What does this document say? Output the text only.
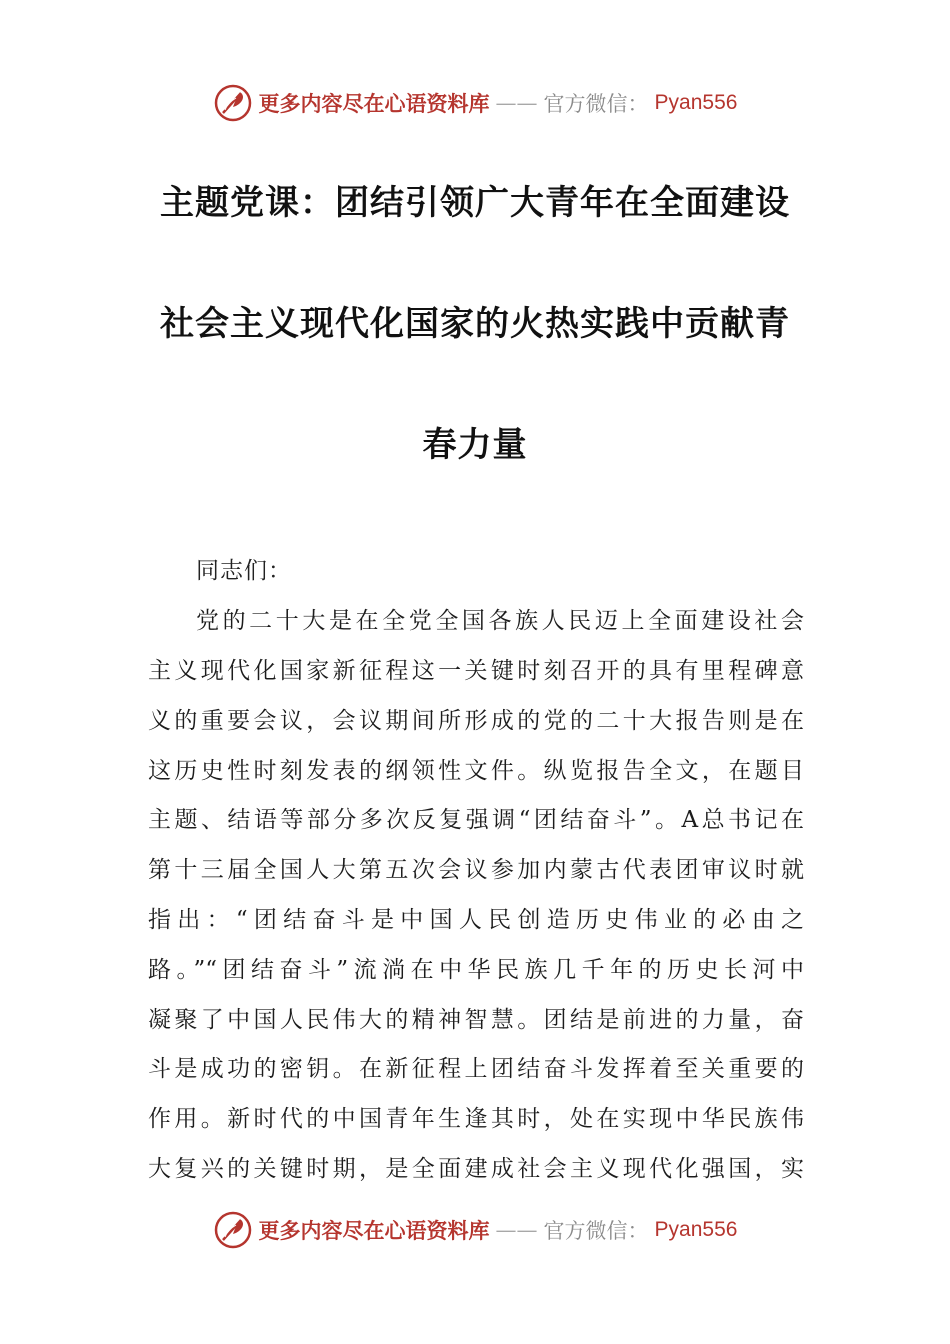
更多内容尽在心语资料库 —— 官方微信： Pyan556
主题党课：团结引领广大青年在全面建设
社会主义现代化国家的火热实践中贡献青
春力量
同志们：
党的二十大是在全党全国各族人民迈上全面建设社会
主义现代化国家新征程这一关键时刻召开的具有里程碑意
义的重要会议，会议期间所形成的党的二十大报告则是在
这历史性时刻发表的纲领性文件。纵览报告全文，在题目
主题、结语等部分多次反复强调“团结奋斗”。A总书记在
第十三届全国人大第五次会议参加内蒙古代表团审议时就
指出：“团结奋斗是中国人民创造历史伟业的必由之
路。”“团结奋斗”流淌在中华民族几千年的历史长河中
凝聚了中国人民伟大的精神智慧。团结是前进的力量，奋
斗是成功的密钥。在新征程上团结奋斗发挥着至关重要的
作用。新时代的中国青年生逢其时，处在实现中华民族伟
大复兴的关键时期，是全面建成社会主义现代化强国，实
更多内容尽在心语资料库 —— 官方微信： Pyan556
